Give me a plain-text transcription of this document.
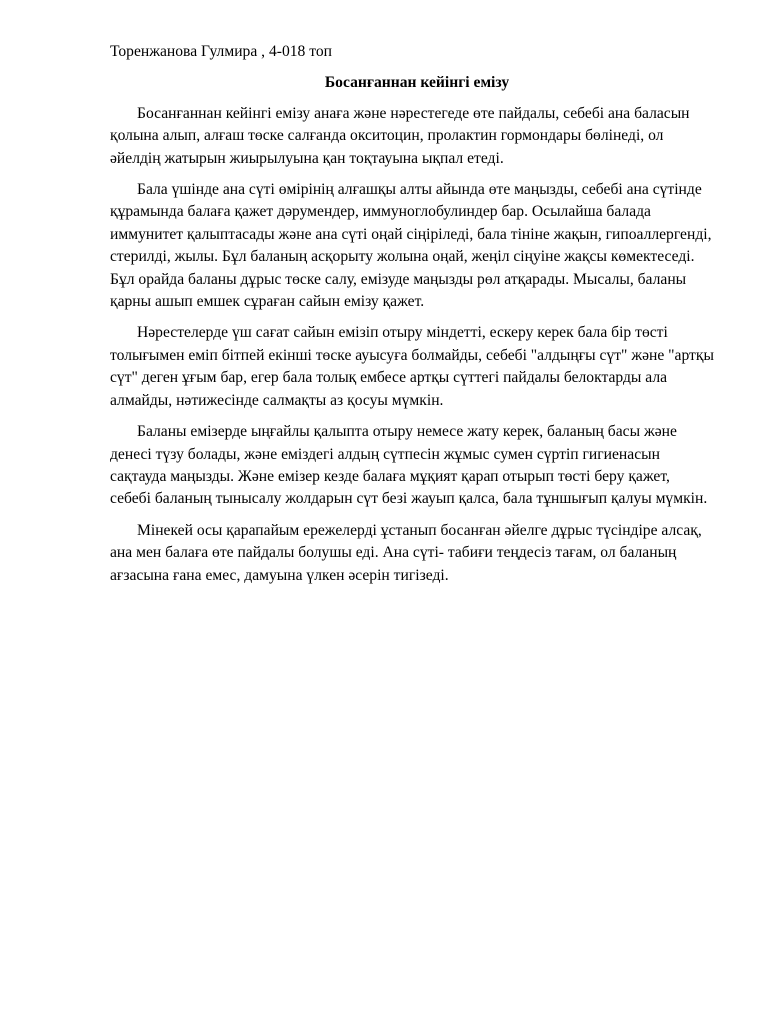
Торенжанова Гулмира , 4-018 топ
Босанғаннан кейінгі емізу

Босанғаннан кейінгі емізу анаға және нәрестегеде өте пайдалы, себебі ана баласын қолына алып, алғаш төске салғанда окситоцин, пролактин гормондары бөлінеді, ол әйелдің жатырын жиырылуына қан тоқтауына ықпал етеді.

Бала үшінде ана сүті өмірінің алғашқы алты айында өте маңызды, себебі ана сүтінде құрамында балаға қажет дәрумендер, иммуноглобулиндер бар. Осылайша балада иммунитет қалыптасады және ана сүті оңай сіңіріледі, бала тініне жақын, гипоаллергенді, стерилді, жылы. Бұл баланың асқорыту жолына оңай, жеңіл сіңуіне жақсы көмектеседі. Бұл орайда баланы дұрыс төске салу, емізуде маңызды рөл атқарады. Мысалы, баланы қарны ашып емшек сұраған сайын емізу қажет.

Нәрестелерде үш сағат сайын емізіп отыру міндетті, ескеру керек бала бір төсті толығымен еміп бітпей екінші төске ауысуға болмайды, себебі "алдыңғы сүт" және "артқы сүт" деген ұғым бар, егер бала толық ембесе артқы сүттегі пайдалы белоктарды ала алмайды, нәтижесінде салмақты аз қосуы мүмкін.

Баланы емізерде ыңғайлы қалыпта отыру немесе жату керек, баланың басы және денесі түзу болады, және еміздегі алдың сүтпесін жұмыс сумен сүртіп гигиенасын сақтауда маңызды. Және емізер кезде балаға мұқият қарап отырып төсті беру қажет, себебі баланың тынысалу жолдарын сүт безі жауып қалса, бала тұншығып қалуы мүмкін.

Мінекей осы қарапайым ережелерді ұстанып босанған әйелге дұрыс түсіндіре алсақ, ана мен балаға өте пайдалы болушы еді. Ана сүті- табиғи теңдесіз тағам, ол баланың ағзасына ғана емес, дамуына үлкен әсерін тигізеді.
